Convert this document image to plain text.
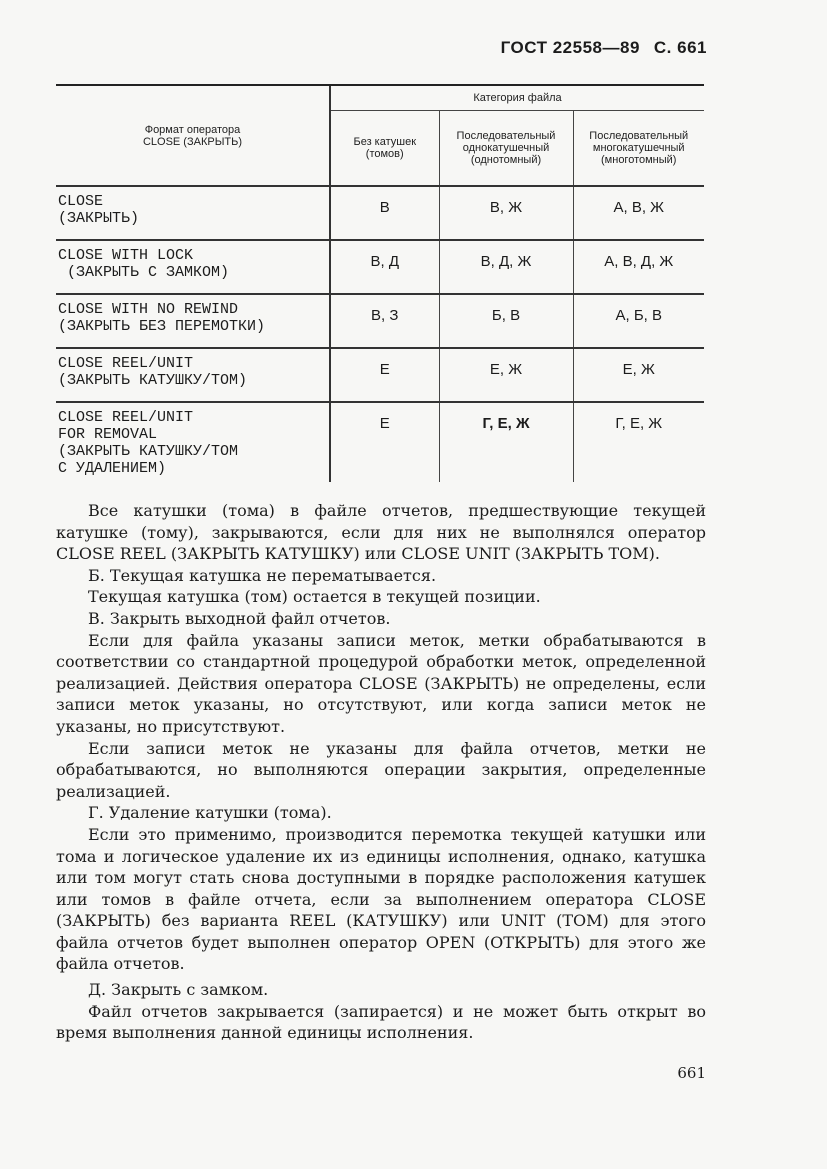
ГОСТ 22558—89 С. 661

Формат оператора CLOSE (ЗАКРЫТЬ)	Категория файла		
	Без катушек (томов)	Последовательный однокатушечный (однотомный)	Последовательный многокатушечный (многотомный)
CLOSE
(ЗАКРЫТЬ)	В	В, Ж	А, В, Ж
CLOSE WITH LOCK
(ЗАКРЫТЬ С ЗАМКОМ)	В, Д	В, Д, Ж	А, В, Д, Ж
CLOSE WITH NO REWIND
(ЗАКРЫТЬ БЕЗ ПЕРЕМОТКИ)	В, З	Б, В	А, Б, В
CLOSE REEL/UNIT
(ЗАКРЫТЬ КАТУШКУ/ТОМ)	Е	Е, Ж	Е, Ж
CLOSE REEL/UNIT
FOR REMOVAL
(ЗАКРЫТЬ КАТУШКУ/ТОМ
С УДАЛЕНИЕМ)	Е	Г, Е, Ж	Г, Е, Ж

Все катушки (тома) в файле отчетов, предшествующие текущей катушке (тому), закрываются, если для них не выполнялся оператор CLOSE REEL (ЗАКРЫТЬ КАТУШКУ) или CLOSE UNIT (ЗАКРЫТЬ ТОМ).

Б. Текущая катушка не перематывается.

Текущая катушка (том) остается в текущей позиции.

В. Закрыть выходной файл отчетов.

Если для файла указаны записи меток, метки обрабатываются в соответствии со стандартной процедурой обработки меток, определенной реализацией. Действия оператора CLOSE (ЗАКРЫТЬ) не определены, если записи меток указаны, но отсутствуют, или когда записи меток не указаны, но присутствуют.

Если записи меток не указаны для файла отчетов, метки не обрабатываются, но выполняются операции закрытия, определенные реализацией.

Г. Удаление катушки (тома).

Если это применимо, производится перемотка текущей катушки или тома и логическое удаление их из единицы исполнения, однако, катушка или том могут стать снова доступными в порядке расположения катушек или томов в файле отчета, если за выполнением оператора CLOSE (ЗАКРЫТЬ) без варианта REEL (КАТУШКУ) или UNIT (ТОМ) для этого файла отчетов будет выполнен оператор OPEN (ОТКРЫТЬ) для этого же файла отчетов.

Д. Закрыть с замком.

Файл отчетов закрывается (запирается) и не может быть открыт во время выполнения данной единицы исполнения.

661
